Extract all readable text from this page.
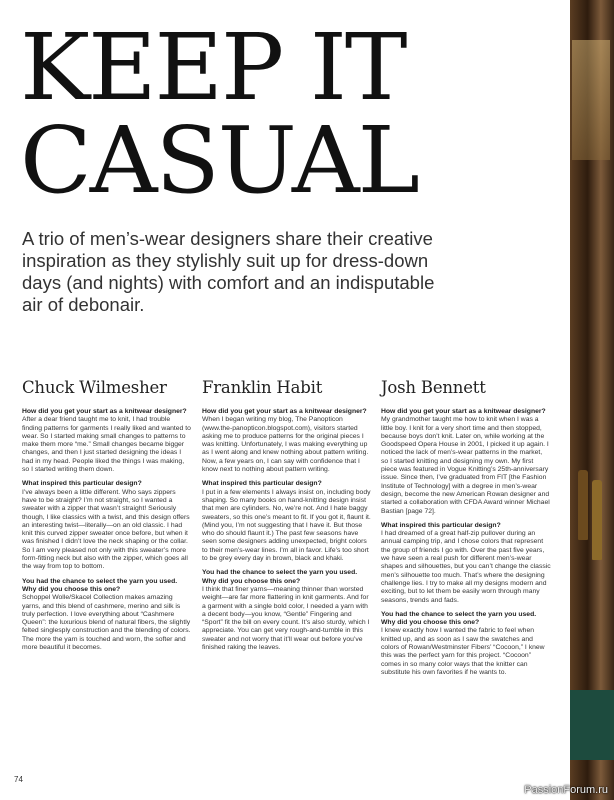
KEEP IT
CASUAL

A trio of men’s-wear designers share their creative inspiration as they stylishly suit up for dress-down days (and nights) with comfort and an indisputable air of debonair.

Chuck Wilmesher

How did you get your start as a knitwear designer?

After a dear friend taught me to knit, I had trouble finding patterns for garments I really liked and wanted to wear. So I started making small changes to patterns to make them more “me.” Small changes became bigger changes, and then I just started designing the ideas I had in my head. People liked the things I was making, so I started writing them down.

What inspired this particular design?

I’ve always been a little different. Who says zippers have to be straight? I’m not straight, so I wanted a sweater with a zipper that wasn’t straight! Seriously though, I like classics with a twist, and this design offers an interesting twist—literally—on an old classic. I had knit this curved zipper sweater once before, but when it was finished I didn’t love the neck shaping or the collar. So I am very pleased not only with this sweater’s more form-fitting neck but also with the zipper, which goes all the way from top to bottom.

You had the chance to select the yarn you used. Why did you choose this one?

Schoppel Wolle/Skacel Collection makes amazing yarns, and this blend of cashmere, merino and silk is truly perfection. I love everything about “Cashmere Queen”: the luxurious blend of natural fibers, the slightly felted singlesply construction and the blending of colors. The more the yarn is touched and worn, the softer and more beautiful it becomes.

Franklin Habit

How did you get your start as a knitwear designer?

When I began writing my blog, The Panopticon (www.the-panopticon.blogspot.com), visitors started asking me to produce patterns for the original pieces I was knitting. Unfortunately, I was making everything up as I went along and knew nothing about pattern writing. Now, a few years on, I can say with confidence that I know next to nothing about pattern writing.

What inspired this particular design?

I put in a few elements I always insist on, including body shaping. So many books on hand-knitting design insist that men are cylinders. No, we’re not. And I hate baggy sweaters, so this one’s meant to fit. If you got it, flaunt it. (Mind you, I’m not suggesting that I have it. But those who do should flaunt it.) The past few seasons have seen some designers adding unexpected, bright colors to their men’s-wear lines. I’m all in favor. Life’s too short to be grey every day in brown, black and khaki.

You had the chance to select the yarn you used. Why did you choose this one?

I think that finer yarns—meaning thinner than worsted weight—are far more flattering in knit garments. And for a garment with a single bold color, I needed a yarn with a decent body—you know, “Gentle” Fingering and “Sport” fit the bill on every count. It’s also sturdy, which I appreciate. You can get very rough-and-tumble in this sweater and not worry that it’ll wear out before you’ve finished raking the leaves.

Josh Bennett

How did you get your start as a knitwear designer?

My grandmother taught me how to knit when I was a little boy. I knit for a very short time and then stopped, because boys don’t knit. Later on, while working at the Goodspeed Opera House in 2001, I picked it up again. I noticed the lack of men’s-wear patterns in the market, so I started knitting and designing my own. My first piece was featured in Vogue Knitting’s 25th-anniversary issue. Since then, I’ve graduated from FIT [the Fashion Institute of Technology] with a degree in men’s-wear design, become the new American Rowan designer and started a collaboration with CFDA Award winner Michael Bastian [page 72].

What inspired this particular design?

I had dreamed of a great half-zip pullover during an annual camping trip, and I chose colors that represent the group of friends I go with. Over the past five years, we have seen a real push for different men’s-wear shapes and silhouettes, but you can’t change the classic men’s silhouette too much. That’s where the designing challenge lies. I try to make all my designs modern and exciting, but to let them be easily worn through many seasons, trends and fads.

You had the chance to select the yarn you used. Why did you choose this one?

I knew exactly how I wanted the fabric to feel when knitted up, and as soon as I saw the swatches and colors of Rowan/Westminster Fibers’ “Cocoon,” I knew this was the perfect yarn for this project. “Cocoon” comes in so many color ways that the knitter can substitute his own favorites if he wants to.

74
PassionForum.ru
